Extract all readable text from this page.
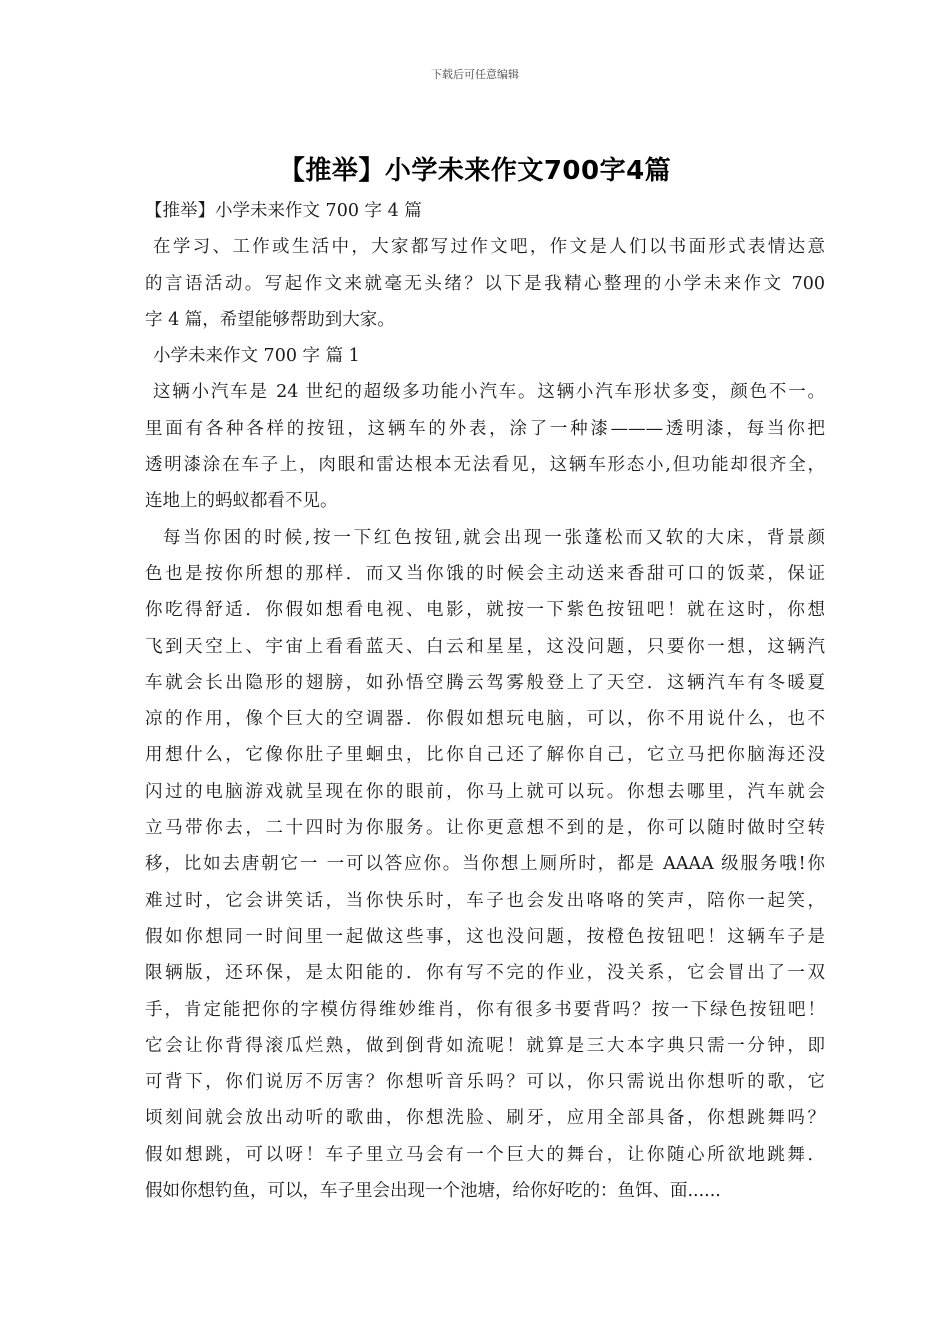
下载后可任意编辑
【推举】小学未来作文700字4篇
【推举】小学未来作文 700 字 4 篇
在学习、工作或生活中，大家都写过作文吧，作文是人们以书面形式表情达意
的言语活动。写起作文来就毫无头绪？以下是我精心整理的小学未来作文 700
字 4 篇，希望能够帮助到大家。
小学未来作文 700 字 篇 1
这辆小汽车是 24 世纪的超级多功能小汽车。这辆小汽车形状多变，颜色不一。
里面有各种各样的按钮，这辆车的外表，涂了一种漆———透明漆，每当你把
透明漆涂在车子上，肉眼和雷达根本无法看见，这辆车形态小,但功能却很齐全，
连地上的蚂蚁都看不见。
每当你困的时候,按一下红色按钮,就会出现一张蓬松而又软的大床，背景颜
色也是按你所想的那样．而又当你饿的时候会主动送来香甜可口的饭菜，保证
你吃得舒适．你假如想看电视、电影，就按一下紫色按钮吧！就在这时，你想
飞到天空上、宇宙上看看蓝天、白云和星星，这没问题，只要你一想，这辆汽
车就会长出隐形的翅膀，如孙悟空腾云驾雾般登上了天空．这辆汽车有冬暖夏
凉的作用，像个巨大的空调器．你假如想玩电脑，可以，你不用说什么，也不
用想什么，它像你肚子里蛔虫，比你自己还了解你自己，它立马把你脑海还没
闪过的电脑游戏就呈现在你的眼前，你马上就可以玩。你想去哪里，汽车就会
立马带你去，二十四时为你服务。让你更意想不到的是，你可以随时做时空转
移，比如去唐朝它一 一可以答应你。当你想上厕所时，都是 AAAA 级服务哦!你
难过时，它会讲笑话，当你快乐时，车子也会发出咯咯的笑声，陪你一起笑，
假如你想同一时间里一起做这些事，这也没问题，按橙色按钮吧！这辆车子是
限辆版，还环保，是太阳能的．你有写不完的作业，没关系，它会冒出了一双
手，肯定能把你的字模仿得维妙维肖，你有很多书要背吗？按一下绿色按钮吧！
它会让你背得滚瓜烂熟，做到倒背如流呢！就算是三大本字典只需一分钟，即
可背下，你们说厉不厉害？你想听音乐吗？可以，你只需说出你想听的歌，它
顷刻间就会放出动听的歌曲，你想洗脸、刷牙，应用全部具备，你想跳舞吗？
假如想跳，可以呀！车子里立马会有一个巨大的舞台，让你随心所欲地跳舞．
假如你想钓鱼，可以，车子里会出现一个池塘，给你好吃的：鱼饵、面......
